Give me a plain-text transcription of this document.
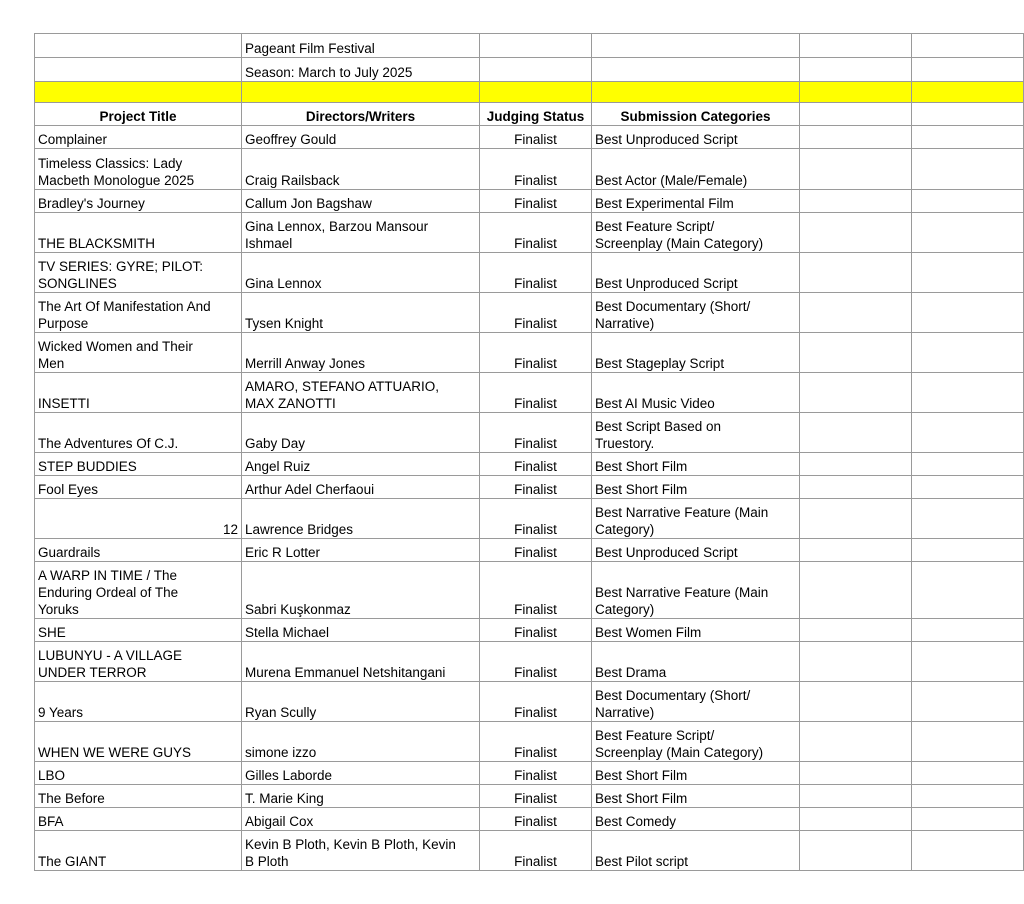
	Pageant Film Festival				
	Season: March to July 2025				

Project Title	Directors/Writers	Judging Status	Submission Categories		
Complainer	Geoffrey Gould	Finalist	Best Unproduced Script		
Timeless Classics: Lady
Macbeth Monologue 2025	Craig Railsback	Finalist	Best Actor (Male/Female)		
Bradley's Journey	Callum Jon Bagshaw	Finalist	Best Experimental Film		
THE BLACKSMITH	Gina Lennox, Barzou Mansour
Ishmael	Finalist	Best Feature Script/
Screenplay (Main Category)		
TV SERIES: GYRE; PILOT:
SONGLINES	Gina Lennox	Finalist	Best Unproduced Script		
The Art Of Manifestation And
Purpose	Tysen Knight	Finalist	Best Documentary (Short/
Narrative)		
Wicked Women and Their
Men	Merrill Anway Jones	Finalist	Best Stageplay Script		
INSETTI	AMARO, STEFANO ATTUARIO,
MAX ZANOTTI	Finalist	Best AI Music Video		
The Adventures Of C.J.	Gaby Day	Finalist	Best Script Based on
Truestory.		
STEP BUDDIES	Angel Ruiz	Finalist	Best Short Film		
Fool Eyes	Arthur Adel Cherfaoui	Finalist	Best Short Film		
12	Lawrence Bridges	Finalist	Best Narrative Feature (Main
Category)		
Guardrails	Eric R Lotter	Finalist	Best Unproduced Script		
A WARP IN TIME / The
Enduring Ordeal of The
Yoruks	Sabri Kuşkonmaz	Finalist	Best Narrative Feature (Main
Category)		
SHE	Stella Michael	Finalist	Best Women Film		
LUBUNYU - A VILLAGE
UNDER TERROR	Murena Emmanuel Netshitangani	Finalist	Best Drama		
9 Years	Ryan Scully	Finalist	Best Documentary (Short/
Narrative)		
WHEN WE WERE GUYS	simone izzo	Finalist	Best Feature Script/
Screenplay (Main Category)		
LBO	Gilles Laborde	Finalist	Best Short Film		
The Before	T. Marie King	Finalist	Best Short Film		
BFA	Abigail Cox	Finalist	Best Comedy		
The GIANT	Kevin B Ploth, Kevin B Ploth, Kevin
B Ploth	Finalist	Best Pilot script		
